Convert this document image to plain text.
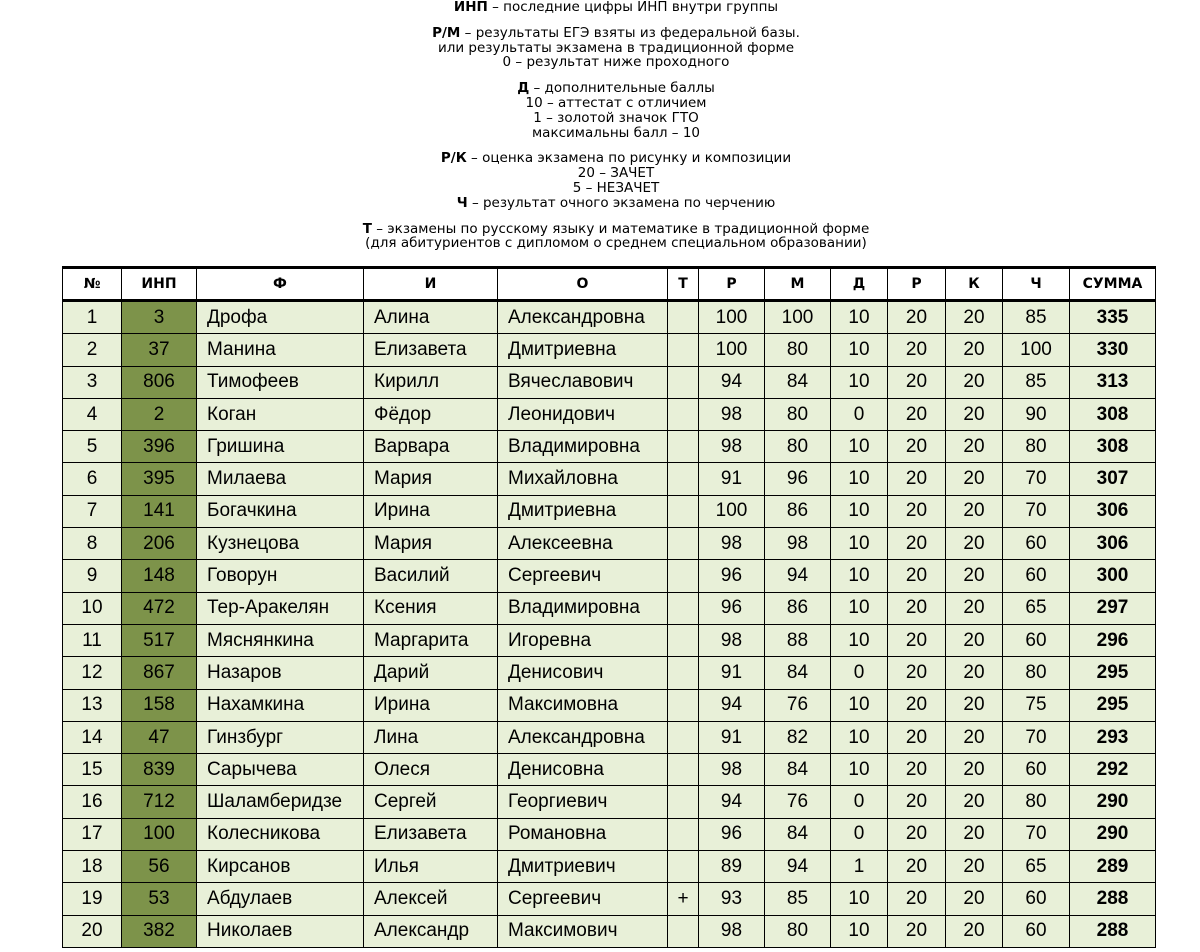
ИНП – последние цифры ИНП внутри группы
Р/М – результаты ЕГЭ взяты из федеральной базы.
или результаты экзамена в традиционной форме
0 – результат ниже проходного
Д – дополнительные баллы
10 – аттестат с отличием
1 – золотой значок ГТО
максимальны балл – 10
Р/К – оценка экзамена по рисунку и композиции
20 – ЗАЧЕТ
5 – НЕЗАЧЕТ
Ч – результат очного экзамена по черчению
Т – экзамены по русскому языку и математике в традиционной форме
(для абитуриентов с дипломом о среднем специальном образовании)
№	ИНП	Ф	И	О	Т	Р	М	Д	Р	К	Ч	СУММА
1	3	Дрофа	Алина	Александровна		100	100	10	20	20	85	335
2	37	Манина	Елизавета	Дмитриевна		100	80	10	20	20	100	330
3	806	Тимофеев	Кирилл	Вячеславович		94	84	10	20	20	85	313
4	2	Коган	Фёдор	Леонидович		98	80	0	20	20	90	308
5	396	Гришина	Варвара	Владимировна		98	80	10	20	20	80	308
6	395	Милаева	Мария	Михайловна		91	96	10	20	20	70	307
7	141	Богачкина	Ирина	Дмитриевна		100	86	10	20	20	70	306
8	206	Кузнецова	Мария	Алексеевна		98	98	10	20	20	60	306
9	148	Говорун	Василий	Сергеевич		96	94	10	20	20	60	300
10	472	Тер-Аракелян	Ксения	Владимировна		96	86	10	20	20	65	297
11	517	Мяснянкина	Маргарита	Игоревна		98	88	10	20	20	60	296
12	867	Назаров	Дарий	Денисович		91	84	0	20	20	80	295
13	158	Нахамкина	Ирина	Максимовна		94	76	10	20	20	75	295
14	47	Гинзбург	Лина	Александровна		91	82	10	20	20	70	293
15	839	Сарычева	Олеся	Денисовна		98	84	10	20	20	60	292
16	712	Шаламберидзе	Сергей	Георгиевич		94	76	0	20	20	80	290
17	100	Колесникова	Елизавета	Романовна		96	84	0	20	20	70	290
18	56	Кирсанов	Илья	Дмитриевич		89	94	1	20	20	65	289
19	53	Абдулаев	Алексей	Сергеевич	+	93	85	10	20	20	60	288
20	382	Николаев	Александр	Максимович		98	80	10	20	20	60	288
